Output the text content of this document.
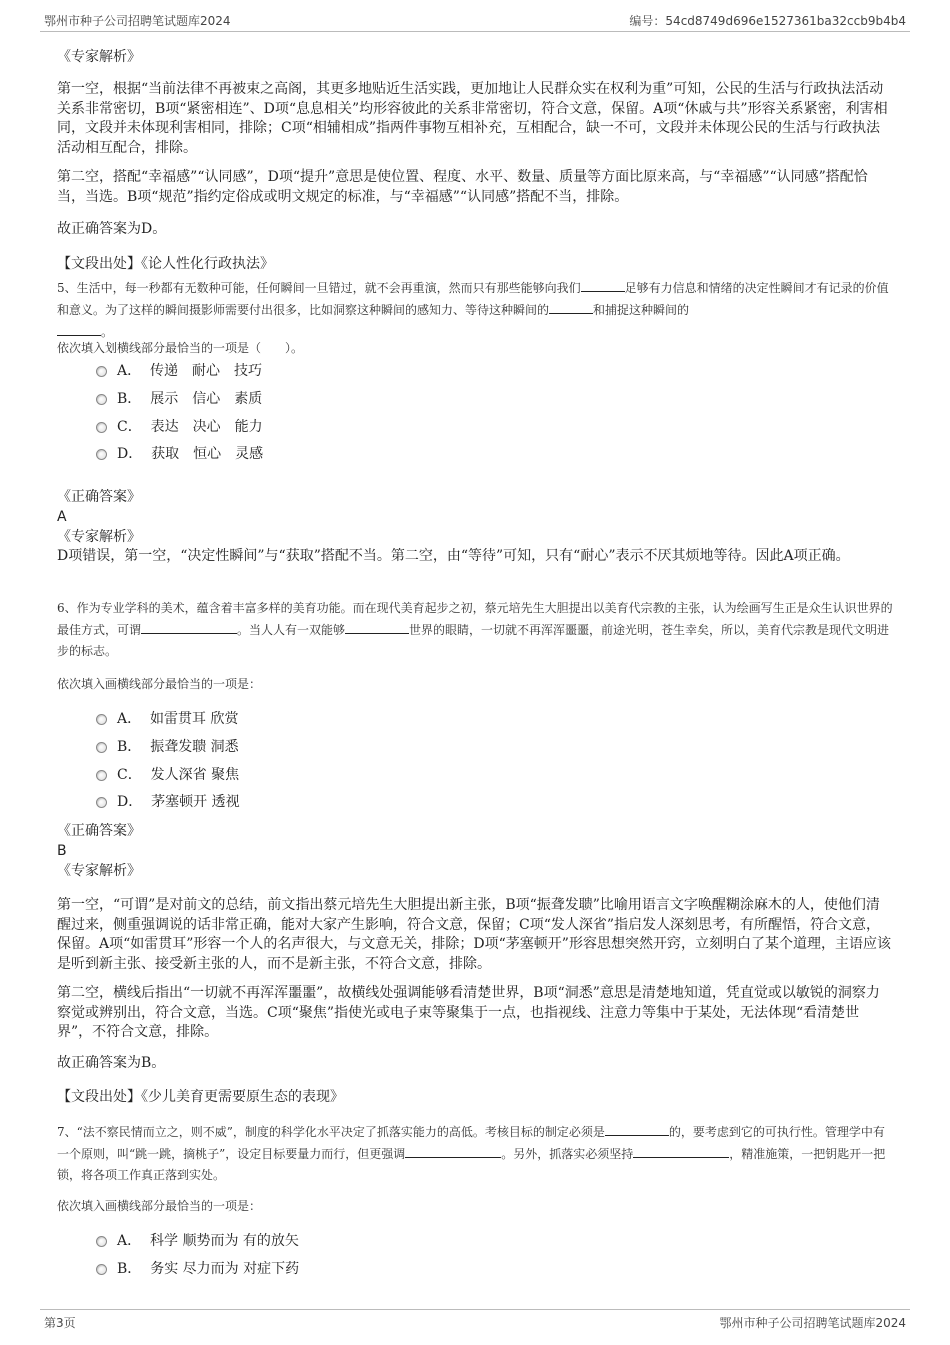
鄂州市种子公司招聘笔试题库2024	编号：54cd8749d696e1527361ba32ccb9b4b4

《专家解析》

第一空，根据“当前法律不再被束之高阁，其更多地贴近生活实践，更加地让人民群众实在权利为重”可知，公民的生活与行政执法活动关系非常密切，B项“紧密相连”、D项“息息相关”均形容彼此的关系非常密切，符合文意，保留。A项“休戚与共”形容关系紧密，利害相同，文段并未体现利害相同，排除；C项“相辅相成”指两件事物互相补充，互相配合，缺一不可，文段并未体现公民的生活与行政执法活动相互配合，排除。

第二空，搭配“幸福感”“认同感”，D项“提升”意思是使位置、程度、水平、数量、质量等方面比原来高，与“幸福感”“认同感”搭配恰当，当选。B项“规范”指约定俗成或明文规定的标准，与“幸福感”“认同感”搭配不当，排除。

故正确答案为D。

【文段出处】《论人性化行政执法》

5、生活中，每一秒都有无数种可能，任何瞬间一旦错过，就不会再重演，然而只有那些能够向我们	足够有力信息和情绪的决定性瞬间才有记录的价值和意义。为了这样的瞬间摄影师需要付出很多，比如洞察这种瞬间的感知力、等待这种瞬间的	和捕捉这种瞬间的
。

依次填入划横线部分最恰当的一项是（　　）。

A． 传递　耐心　技巧
B． 展示　信心　素质
C． 表达　决心　能力
D． 获取　恒心　灵感

《正确答案》

A

《专家解析》

D项错误，第一空，“决定性瞬间”与“获取”搭配不当。第二空，由“等待”可知，只有“耐心”表示不厌其烦地等待。因此A项正确。

6、作为专业学科的美术，蕴含着丰富多样的美育功能。而在现代美育起步之初，蔡元培先生大胆提出以美育代宗教的主张，认为绘画写生正是众生认识世界的最佳方式，可谓	。当人人有一双能够	世界的眼睛，一切就不再浑浑噩噩，前途光明，苍生幸矣，所以，美育代宗教是现代文明进步的标志。

依次填入画横线部分最恰当的一项是：

A． 如雷贯耳 欣赏
B． 振聋发聩 洞悉
C． 发人深省 聚焦
D． 茅塞顿开 透视

《正确答案》

B

《专家解析》

第一空，“可谓”是对前文的总结，前文指出蔡元培先生大胆提出新主张，B项“振聋发聩”比喻用语言文字唤醒糊涂麻木的人，使他们清醒过来，侧重强调说的话非常正确，能对大家产生影响，符合文意，保留；C项“发人深省”指启发人深刻思考，有所醒悟，符合文意，保留。A项“如雷贯耳”形容一个人的名声很大，与文意无关，排除；D项“茅塞顿开”形容思想突然开窍，立刻明白了某个道理，主语应该是听到新主张、接受新主张的人，而不是新主张，不符合文意，排除。

第二空，横线后指出“一切就不再浑浑噩噩”，故横线处强调能够看清楚世界，B项“洞悉”意思是清楚地知道，凭直觉或以敏锐的洞察力察觉或辨别出，符合文意，当选。C项“聚焦”指使光或电子束等聚集于一点，也指视线、注意力等集中于某处，无法体现“看清楚世界”，不符合文意，排除。

故正确答案为B。

【文段出处】《少儿美育更需要原生态的表现》

7、“法不察民情而立之，则不威”，制度的科学化水平决定了抓落实能力的高低。考核目标的制定必须是	的，要考虑到它的可执行性。管理学中有一个原则，叫“跳一跳，摘桃子”，设定目标要量力而行，但更强调	。另外，抓落实必须坚持	，精准施策，一把钥匙开一把锁，将各项工作真正落到实处。

依次填入画横线部分最恰当的一项是：

A． 科学 顺势而为 有的放矢
B． 务实 尽力而为 对症下药
第3页	鄂州市种子公司招聘笔试题库2024
